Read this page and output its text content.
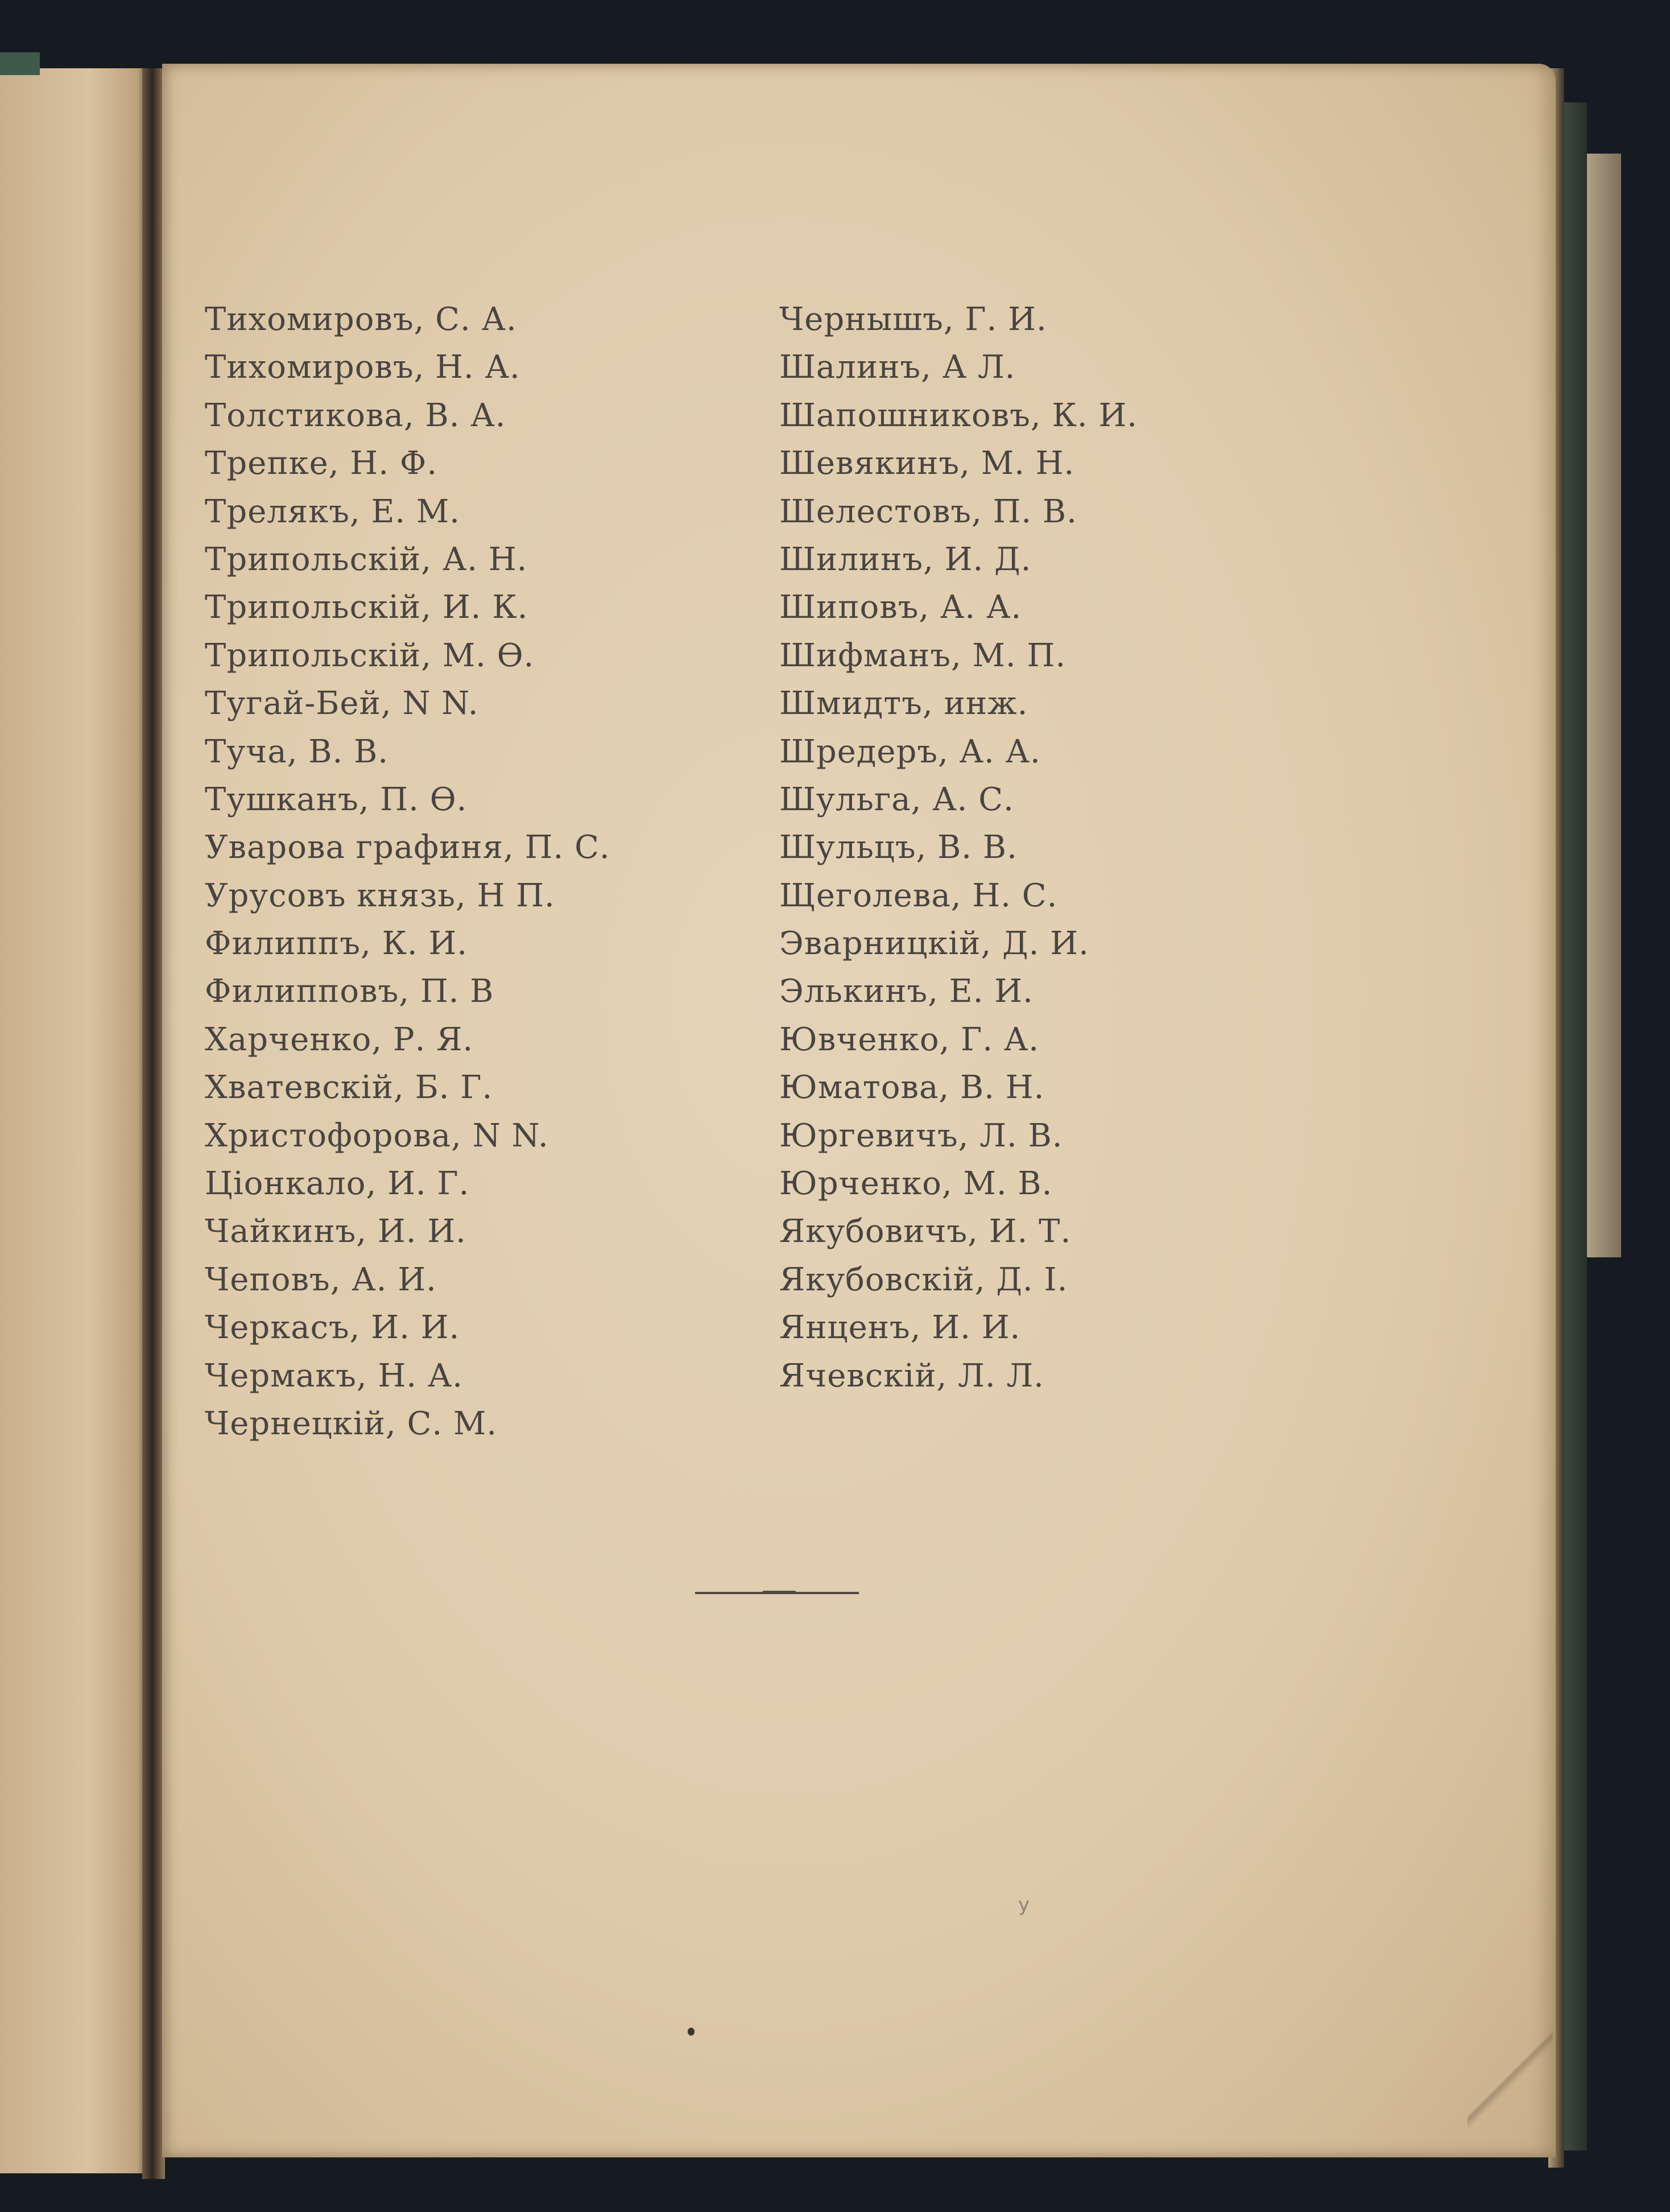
Тихомировъ, С. А.
Тихомировъ, Н. А.
Толстикова, В. А.
Трепке, Н. Ф.
Трелякъ, Е. М.
Трипольскій, А. Н.
Трипольскій, И. К.
Трипольскій, М. Ѳ.
Тугай-Бей, N N.
Туча, В. В.
Тушканъ, П. Ѳ.
Уварова графиня, П. С.
Урусовъ князь, Н П.
Филиппъ, К. И.
Филипповъ, П. В
Харченко, Р. Я.
Хватевскій, Б. Г.
Христофорова, N N.
Ціонкало, И. Г.
Чайкинъ, И. И.
Чеповъ, А. И.
Черкасъ, И. И.
Чермакъ, Н. А.
Чернецкій, С. М.
Чернышъ, Г. И.
Шалинъ, А Л.
Шапошниковъ, К. И.
Шевякинъ, М. Н.
Шелестовъ, П. В.
Шилинъ, И. Д.
Шиповъ, А. А.
Шифманъ, М. П.
Шмидтъ, инж.
Шредеръ, А. А.
Шульга, А. С.
Шульцъ, В. В.
Щеголева, Н. С.
Эварницкій, Д. И.
Элькинъ, Е. И.
Ювченко, Г. А.
Юматова, В. Н.
Юргевичъ, Л. В.
Юрченко, М. В.
Якубовичъ, И. Т.
Якубовскій, Д. І.
Янценъ, И. И.
Ячевскій, Л. Л.
у
